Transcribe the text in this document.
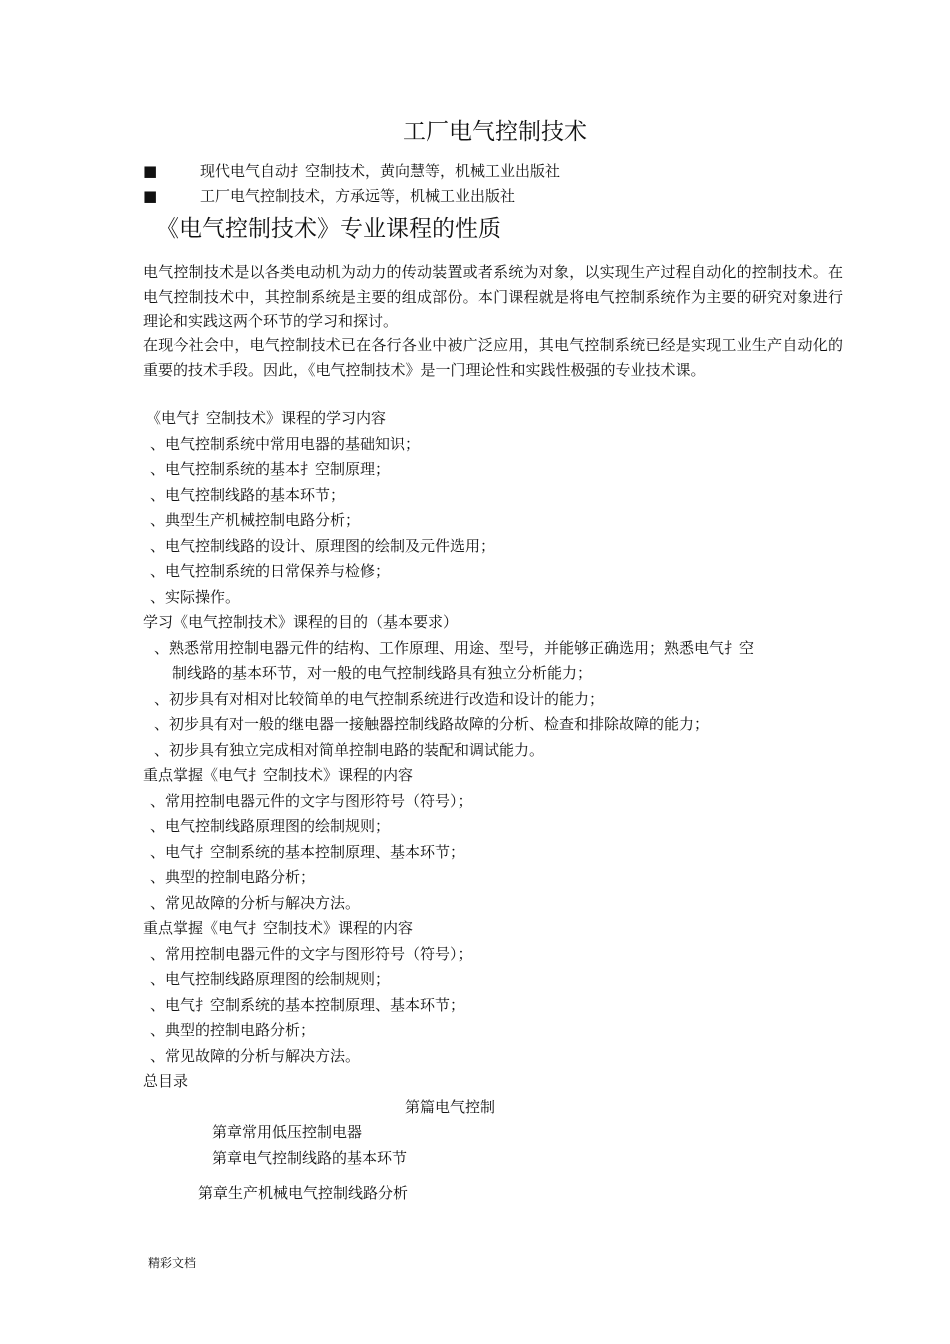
工厂电气控制技术
■	现代电气自动扌空制技术，黄向慧等，机械工业出版社
■	工厂电气控制技术，方承远等，机械工业出版社
《电气控制技术》专业课程的性质
电气控制技术是以各类电动机为动力的传动装置或者系统为对象，以实现生产过程自动化的控制技术。在电气控制技术中，其控制系统是主要的组成部份。本门课程就是将电气控制系统作为主要的研究对象进行理论和实践这两个环节的学习和探讨。
在现今社会中，电气控制技术已在各行各业中被广泛应用，其电气控制系统已经是实现工业生产自动化的重要的技术手段。因此，《电气控制技术》是一门理论性和实践性极强的专业技术课。
《电气扌空制技术》课程的学习内容
、电气控制系统中常用电器的基础知识；
、电气控制系统的基本扌空制原理；
、电气控制线路的基本环节；
、典型生产机械控制电路分析；
、电气控制线路的设计、原理图的绘制及元件选用；
、电气控制系统的日常保养与检修；
、实际操作。
学习《电气控制技术》课程的目的（基本要求）
、熟悉常用控制电器元件的结构、工作原理、用途、型号，并能够正确选用；熟悉电气扌空
制线路的基本环节，对一般的电气控制线路具有独立分析能力；
、初步具有对相对比较简单的电气控制系统进行改造和设计的能力；
、初步具有对一般的继电器一接触器控制线路故障的分析、检查和排除故障的能力；
、初步具有独立完成相对简单控制电路的装配和调试能力。
重点掌握《电气扌空制技术》课程的内容
、常用控制电器元件的文字与图形符号（符号）；
、电气控制线路原理图的绘制规则；
、电气扌空制系统的基本控制原理、基本环节；
、典型的控制电路分析；
、常见故障的分析与解决方法。
重点掌握《电气扌空制技术》课程的内容
、常用控制电器元件的文字与图形符号（符号）；
、电气控制线路原理图的绘制规则；
、电气扌空制系统的基本控制原理、基本环节；
、典型的控制电路分析；
、常见故障的分析与解决方法。
总目录
第篇电气控制
第章常用低压控制电器
第章电气控制线路的基本环节
第章生产机械电气控制线路分析
精彩文档
